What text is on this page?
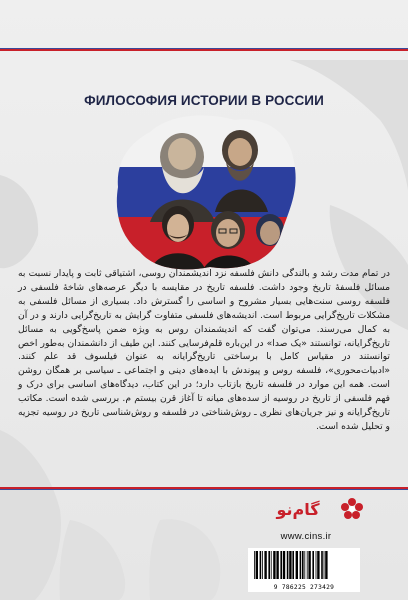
ФИЛОСОФИЯ ИСТОРИИ В РОССИИ

در تمام مدت رشد و بالندگی دانش فلسفه نزد اندیشمندان روسی، اشتیاقی ثابت و پایدار نسبت به مسائل فلسفهٔ تاریخ وجود داشت. فلسفه تاریخ در مقایسه با دیگر عرصه‌های شاخهٔ فلسفی در فلسفه روسی سنت‌هایی بسیار مشروح و اساسی را گسترش داد. بسیاری از مسائل فلسفی به مشکلات تاریخ‌گرایی مربوط است. اندیشه‌های فلسفی متفاوت گرایش به تاریخ‌گرایی دارند و در آن به کمال می‌رسند. می‌توان گفت که اندیشمندان روس به ویژه ضمن پاسخ‌گویی به مسائل تاریخ‌گرایانه، توانستند «یک صدا» در این‌باره قلم‌فرسایی کنند. این طیف از دانشمندان به‌طور اخص توانستند در مقیاس کامل با برساختی تاریخ‌گرایانه به عنوان فیلسوف قد علم کنند. «ادبیات‌محوری»، فلسفه روس و پیوندش با ایده‌های دینی و اجتماعی ـ سیاسی بر همگان روشن است. همه این موارد در فلسفه تاریخ بازتاب دارد؛ در این کتاب، دیدگاه‌های اساسی برای درک و فهم فلسفی از تاریخ در روسیه از سده‌های میانه تا آغاز قرن بیستم م. بررسی شده است. مکاتب تاریخ‌گرایانه و نیز جریان‌های نظری ـ روش‌شناختی در فلسفه و روش‌شناسی تاریخ در روسیه تجزیه و تحلیل شده است.

گام‌نو
www.cins.ir
9 786225 273429
